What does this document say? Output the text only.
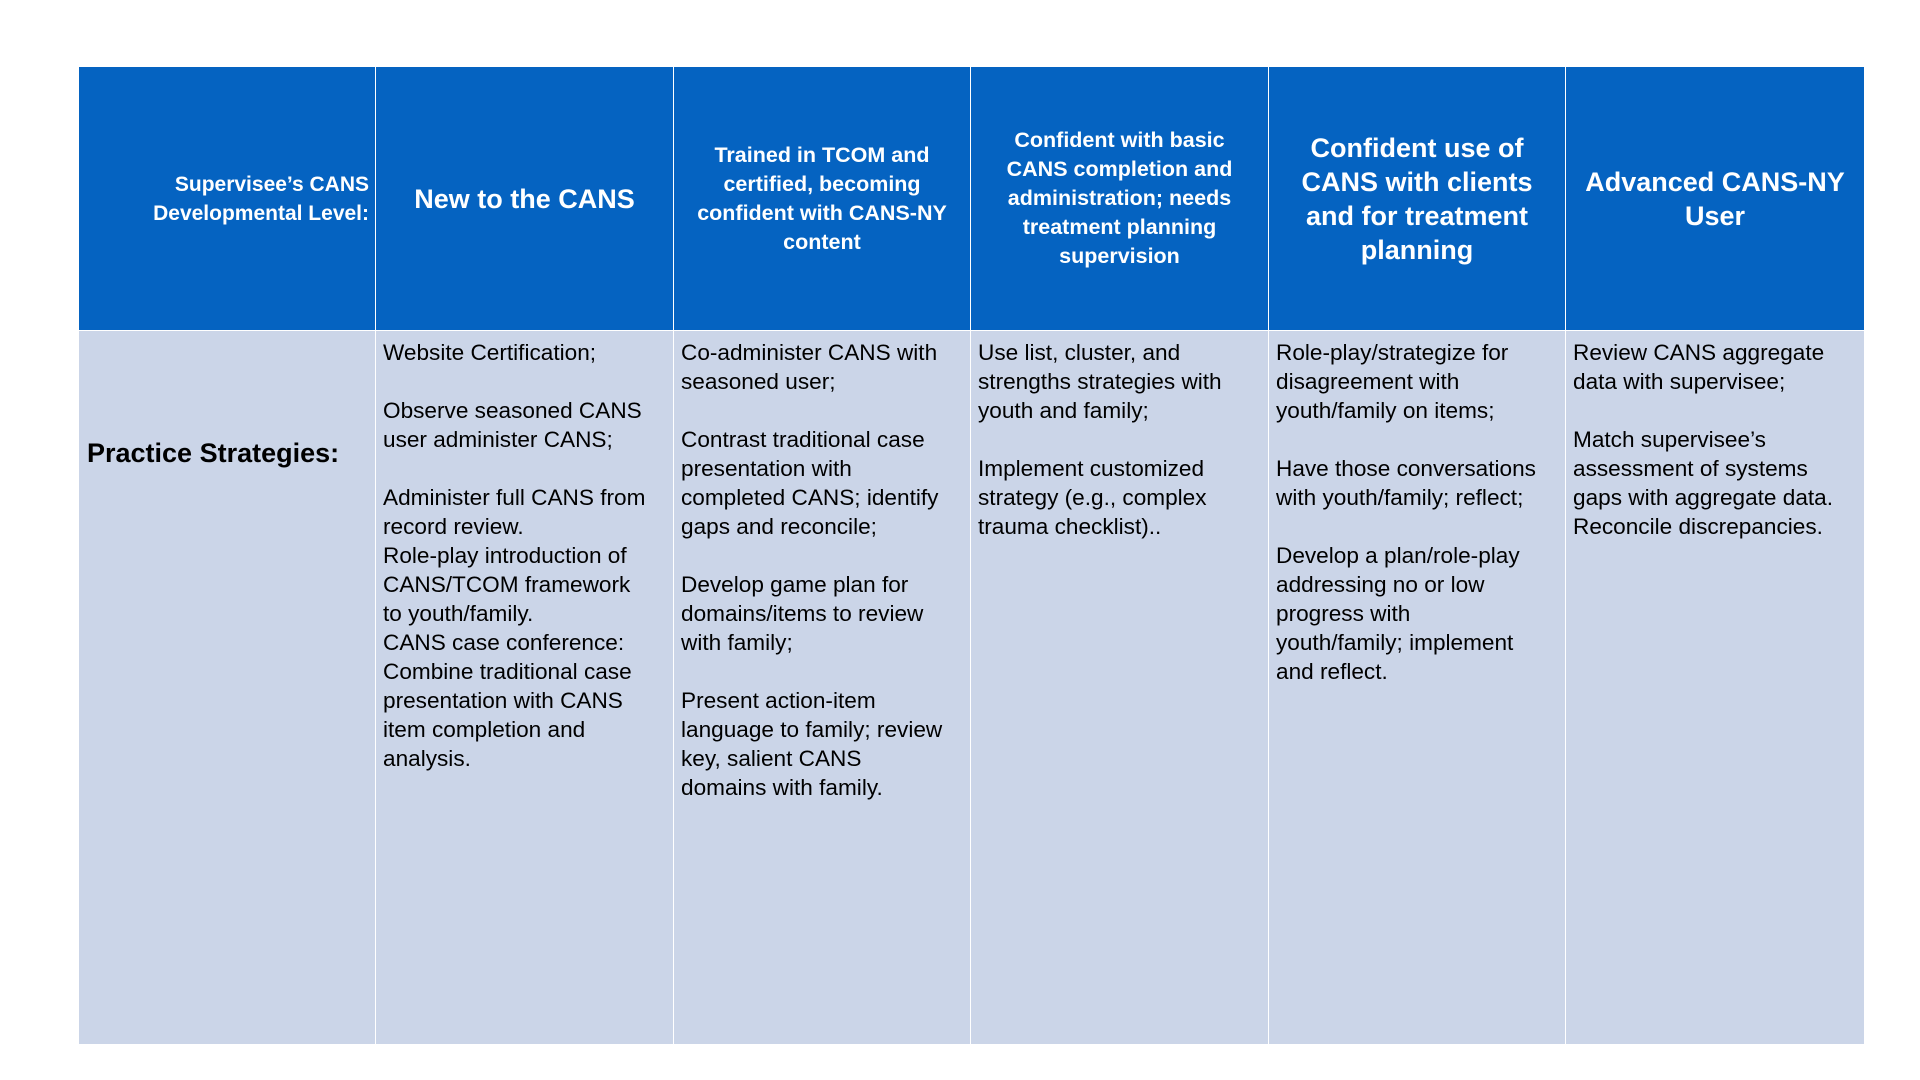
Supervisee’s CANS
Developmental Level: New to the CANS
Trained in TCOM and
certified, becoming
confident with CANS-NY
content
Confident with basic
CANS completion and
administration; needs
treatment planning
supervision
Confident use of
CANS with clients
and for treatment
planning
Advanced CANS-NY
User
Practice Strategies:
Website Certification;
Observe seasoned CANS
user administer CANS;
Administer full CANS from
record review.
Role-play introduction of
CANS/TCOM framework
to youth/family.
CANS case conference:
Combine traditional case
presentation with CANS
item completion and
analysis.
Co-administer CANS with
seasoned user;
Contrast traditional case
presentation with
completed CANS; identify
gaps and reconcile;
Develop game plan for
domains/items to review
with family;
Present action-item
language to family; review
key, salient CANS
domains with family.
Use list, cluster, and
strengths strategies with
youth and family;
Implement customized
strategy (e.g., complex
trauma checklist)..
Role-play/strategize for
disagreement with
youth/family on items;
Have those conversations
with youth/family; reflect;
Develop a plan/role-play
addressing no or low
progress with
youth/family; implement
and reflect.
Review CANS aggregate
data with supervisee;
Match supervisee’s
assessment of systems
gaps with aggregate data.
Reconcile discrepancies.
